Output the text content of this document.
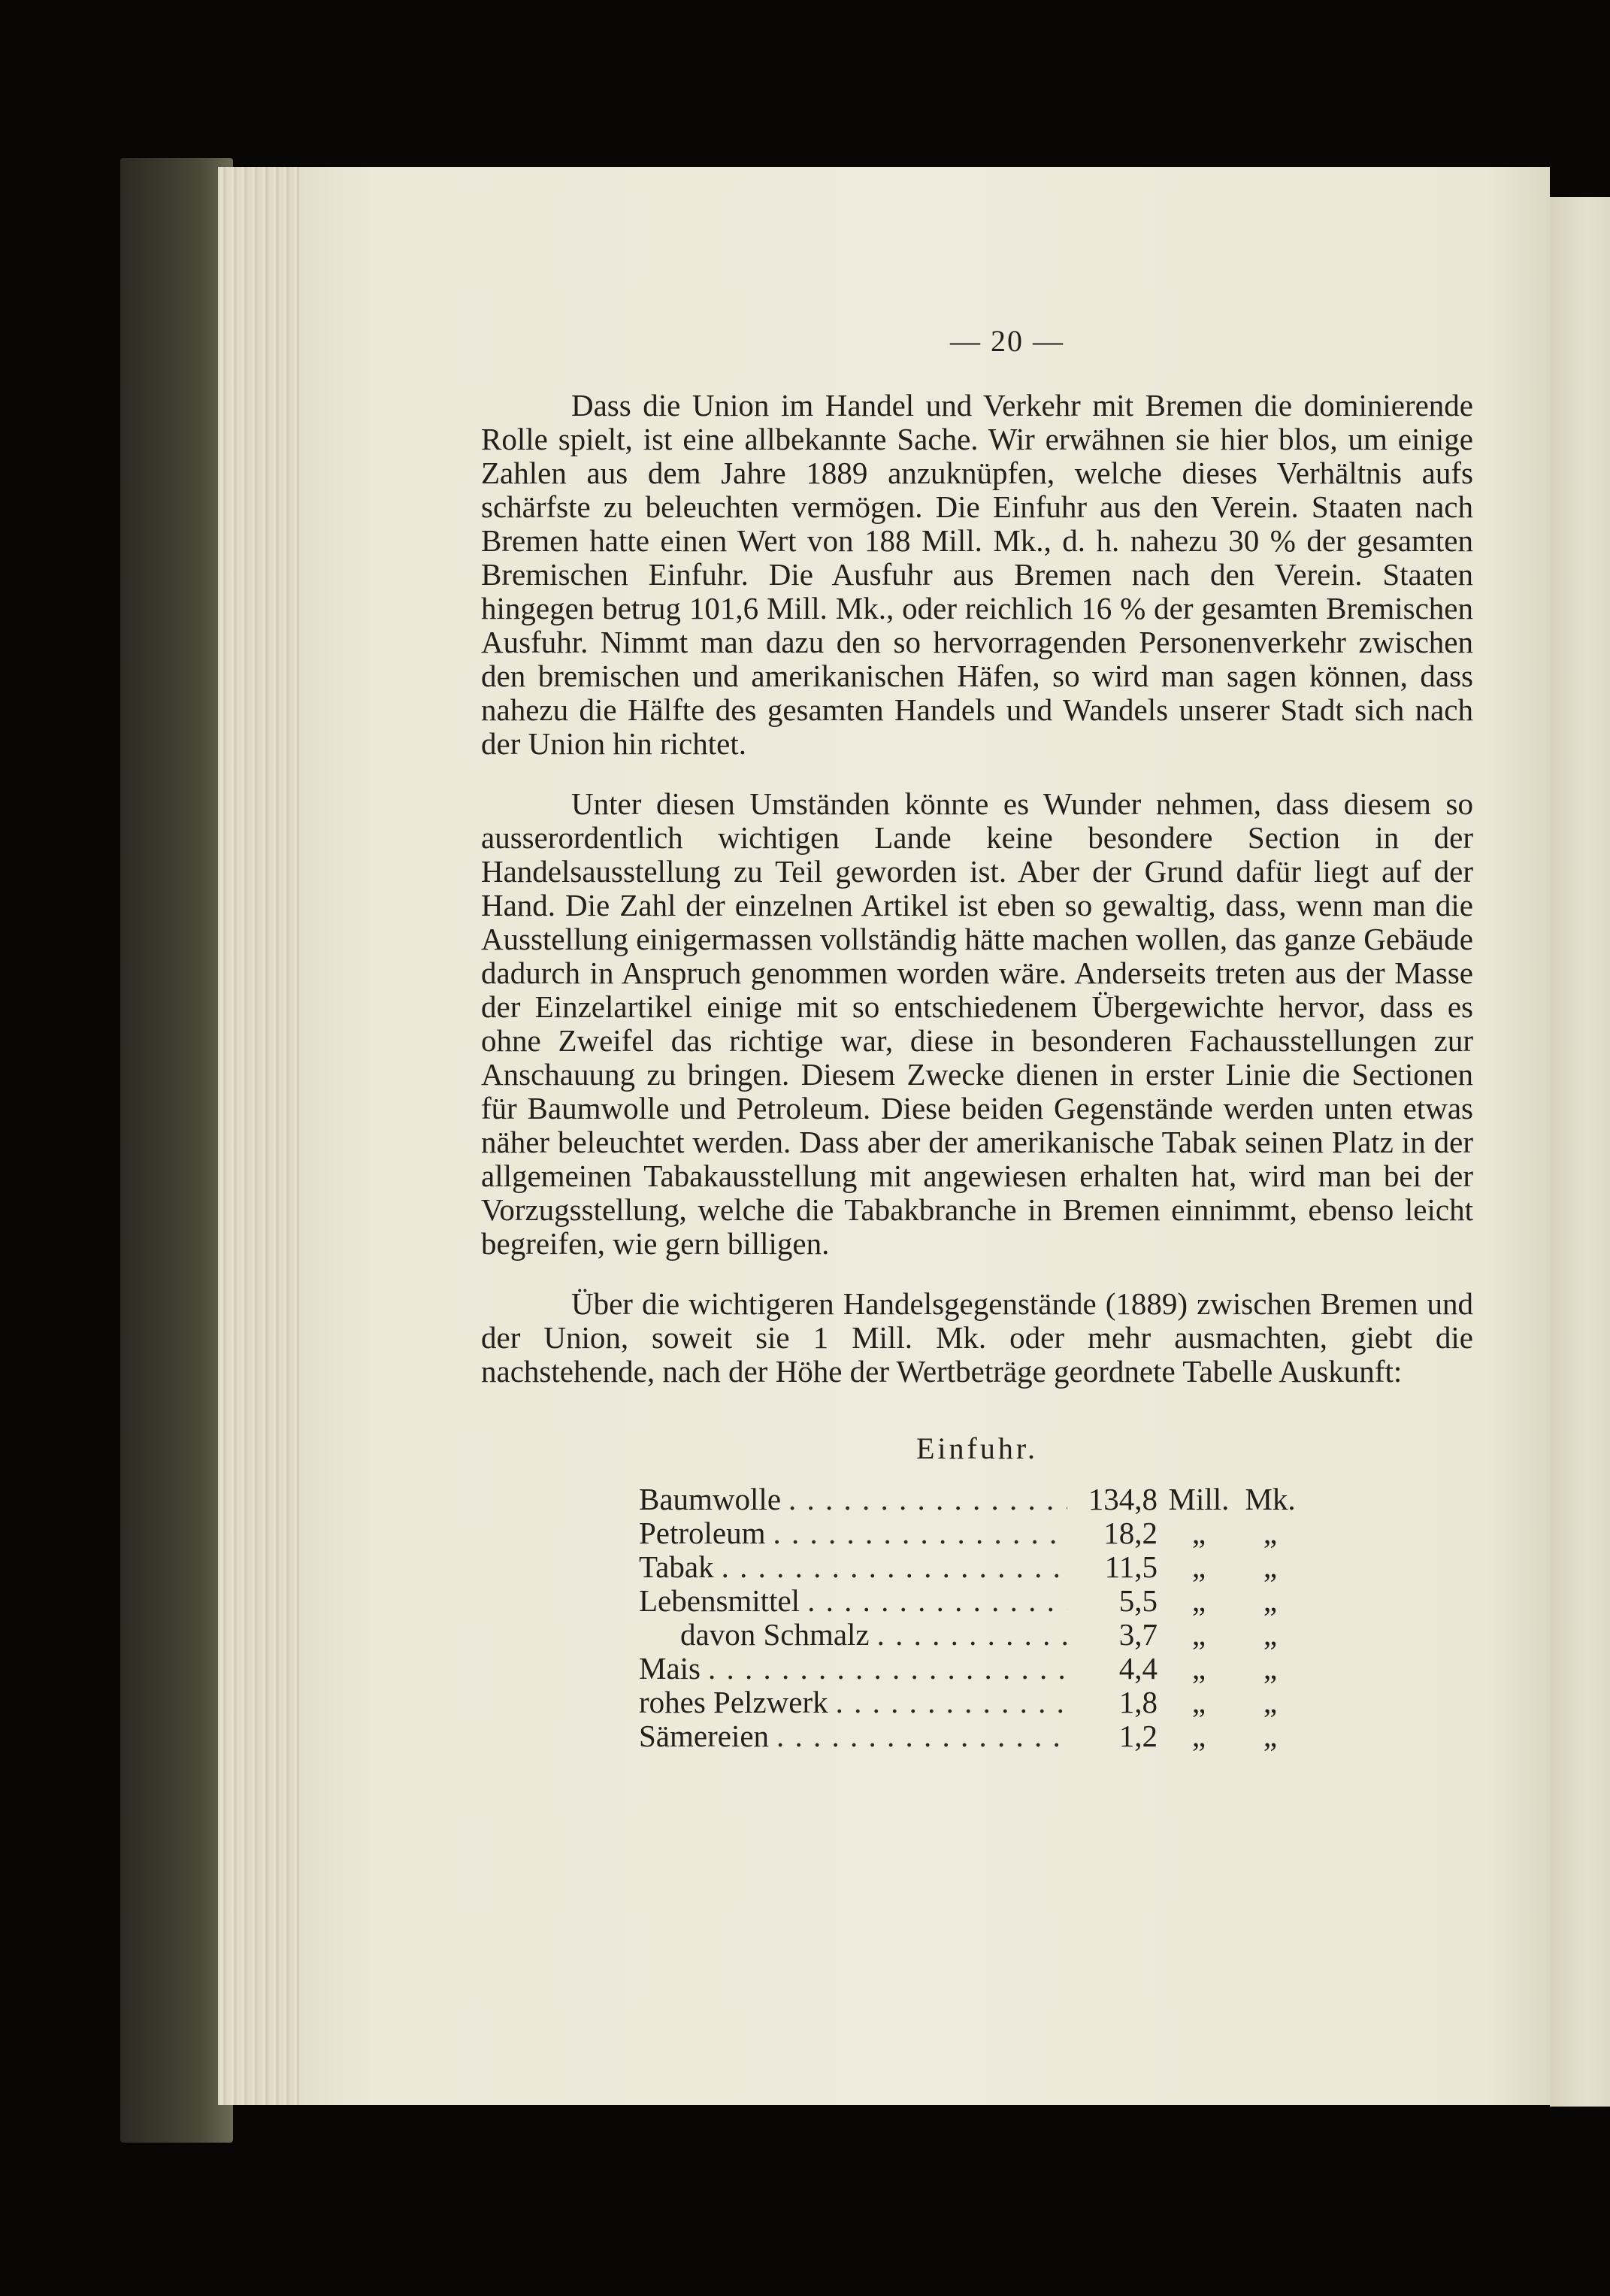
— 20 —

Dass die Union im Handel und Verkehr mit Bremen die dominierende Rolle spielt, ist eine allbekannte Sache. Wir erwähnen sie hier blos, um einige Zahlen aus dem Jahre 1889 anzuknüpfen, welche dieses Verhältnis aufs schärfste zu beleuchten vermögen. Die Einfuhr aus den Verein. Staaten nach Bremen hatte einen Wert von 188 Mill. Mk., d. h. nahezu 30 % der gesamten Bremischen Einfuhr. Die Ausfuhr aus Bremen nach den Verein. Staaten hingegen betrug 101,6 Mill. Mk., oder reichlich 16 % der gesamten Bremischen Ausfuhr. Nimmt man dazu den so hervorragenden Personenverkehr zwischen den bremischen und amerikanischen Häfen, so wird man sagen können, dass nahezu die Hälfte des gesamten Handels und Wandels unserer Stadt sich nach der Union hin richtet.

Unter diesen Umständen könnte es Wunder nehmen, dass diesem so ausserordentlich wichtigen Lande keine besondere Section in der Handelsausstellung zu Teil geworden ist. Aber der Grund dafür liegt auf der Hand. Die Zahl der einzelnen Artikel ist eben so gewaltig, dass, wenn man die Ausstellung einigermassen vollständig hätte machen wollen, das ganze Gebäude dadurch in Anspruch genommen worden wäre. Anderseits treten aus der Masse der Einzelartikel einige mit so entschiedenem Übergewichte hervor, dass es ohne Zweifel das richtige war, diese in besonderen Fachausstellungen zur Anschauung zu bringen. Diesem Zwecke dienen in erster Linie die Sectionen für Baumwolle und Petroleum. Diese beiden Gegenstände werden unten etwas näher beleuchtet werden. Dass aber der amerikanische Tabak seinen Platz in der allgemeinen Tabakausstellung mit angewiesen erhalten hat, wird man bei der Vorzugsstellung, welche die Tabakbranche in Bremen einnimmt, ebenso leicht begreifen, wie gern billigen.

Über die wichtigeren Handelsgegenstände (1889) zwischen Bremen und der Union, soweit sie 1 Mill. Mk. oder mehr ausmachten, giebt die nachstehende, nach der Höhe der Wertbeträge geordnete Tabelle Auskunft:

Einfuhr.
Baumwolle . . .	134,8 Mill. Mk.
Petroleum . . .	18,2	„	„
Tabak . . .	11,5	„	„
Lebensmittel . . .	5,5	„	„
davon Schmalz . . .	3,7	„	„
Mais . . .	4,4	„	„
rohes Pelzwerk . . .	1,8	„	„
Sämereien . . .	1,2	„	„
